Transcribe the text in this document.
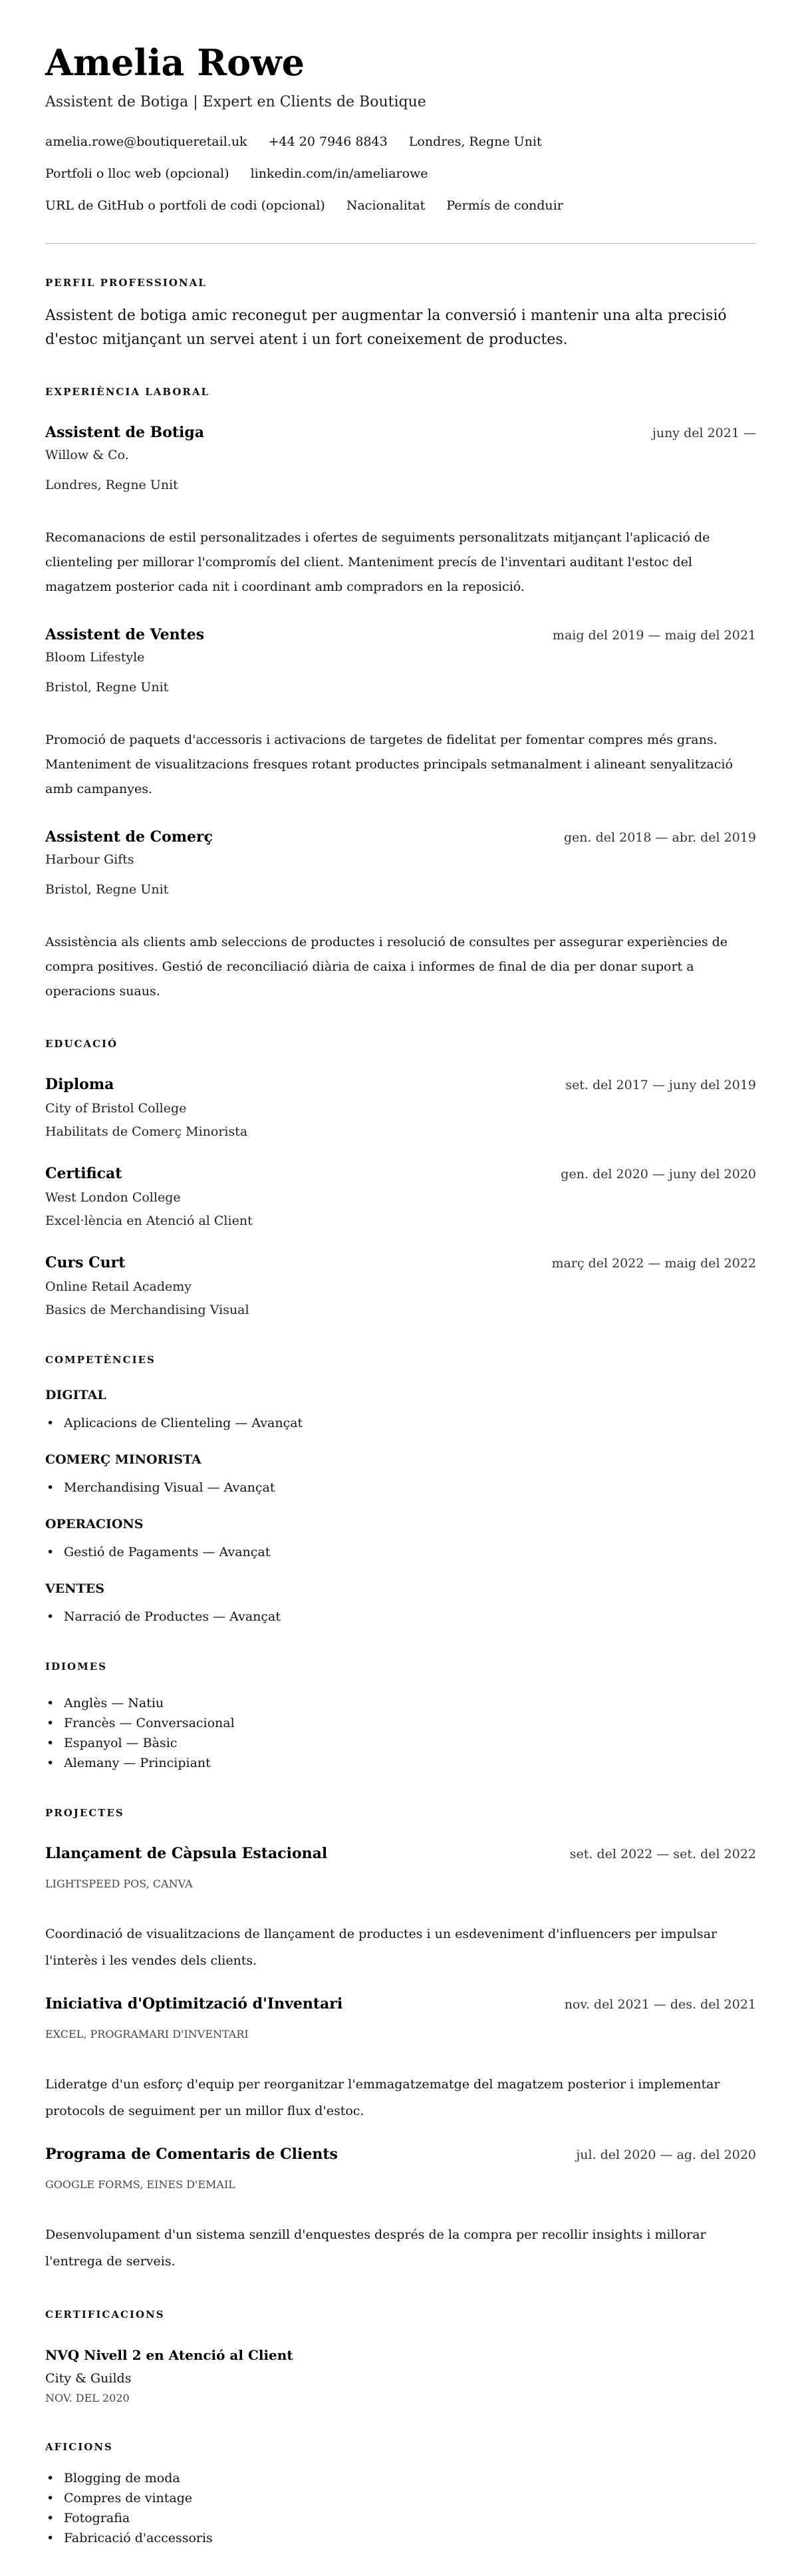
Amelia Rowe
Assistent de Botiga | Expert en Clients de Boutique
amelia.rowe@boutiqueretail.uk +44 20 7946 8843 Londres, Regne Unit
Portfoli o lloc web (opcional) linkedin.com/in/ameliarowe
URL de GitHub o portfoli de codi (opcional) Nacionalitat Permís de conduir
PERFIL PROFESSIONAL
Assistent de botiga amic reconegut per augmentar la conversió i mantenir una alta precisió d'estoc mitjançant un servei atent i un fort coneixement de productes.
EXPERIÈNCIA LABORAL
Assistent de Botiga	juny del 2021 —
Willow & Co.
Londres, Regne Unit
Recomanacions de estil personalitzades i ofertes de seguiments personalitzats mitjançant l'aplicació de clienteling per millorar l'compromís del client. Manteniment precís de l'inventari auditant l'estoc del magatzem posterior cada nit i coordinant amb compradors en la reposició.
Assistent de Ventes	maig del 2019 — maig del 2021
Bloom Lifestyle
Bristol, Regne Unit
Promoció de paquets d'accessoris i activacions de targetes de fidelitat per fomentar compres més grans. Manteniment de visualitzacions fresques rotant productes principals setmanalment i alineant senyalització amb campanyes.
Assistent de Comerç	gen. del 2018 — abr. del 2019
Harbour Gifts
Bristol, Regne Unit
Assistència als clients amb seleccions de productes i resolució de consultes per assegurar experiències de compra positives. Gestió de reconciliació diària de caixa i informes de final de dia per donar suport a operacions suaus.
EDUCACIÓ
Diploma	set. del 2017 — juny del 2019
City of Bristol College
Habilitats de Comerç Minorista
Certificat	gen. del 2020 — juny del 2020
West London College
Excel·lència en Atenció al Client
Curs Curt	març del 2022 — maig del 2022
Online Retail Academy
Basics de Merchandising Visual
COMPETÈNCIES
DIGITAL
• Aplicacions de Clienteling — Avançat
COMERÇ MINORISTA
• Merchandising Visual — Avançat
OPERACIONS
• Gestió de Pagaments — Avançat
VENTES
• Narració de Productes — Avançat
IDIOMES
• Anglès — Natiu
• Francès — Conversacional
• Espanyol — Bàsic
• Alemany — Principiant
PROJECTES
Llançament de Càpsula Estacional	set. del 2022 — set. del 2022
LIGHTSPEED POS, CANVA
Coordinació de visualitzacions de llançament de productes i un esdeveniment d'influencers per impulsar l'interès i les vendes dels clients.
Iniciativa d'Optimització d'Inventari	nov. del 2021 — des. del 2021
EXCEL, PROGRAMARI D'INVENTARI
Lideratge d'un esforç d'equip per reorganitzar l'emmagatzematge del magatzem posterior i implementar protocols de seguiment per un millor flux d'estoc.
Programa de Comentaris de Clients	jul. del 2020 — ag. del 2020
GOOGLE FORMS, EINES D'EMAIL
Desenvolupament d'un sistema senzill d'enquestes després de la compra per recollir insights i millorar l'entrega de serveis.
CERTIFICACIONS
NVQ Nivell 2 en Atenció al Client
City & Guilds
NOV. DEL 2020
AFICIONS
• Blogging de moda
• Compres de vintage
• Fotografia
• Fabricació d'accessoris
